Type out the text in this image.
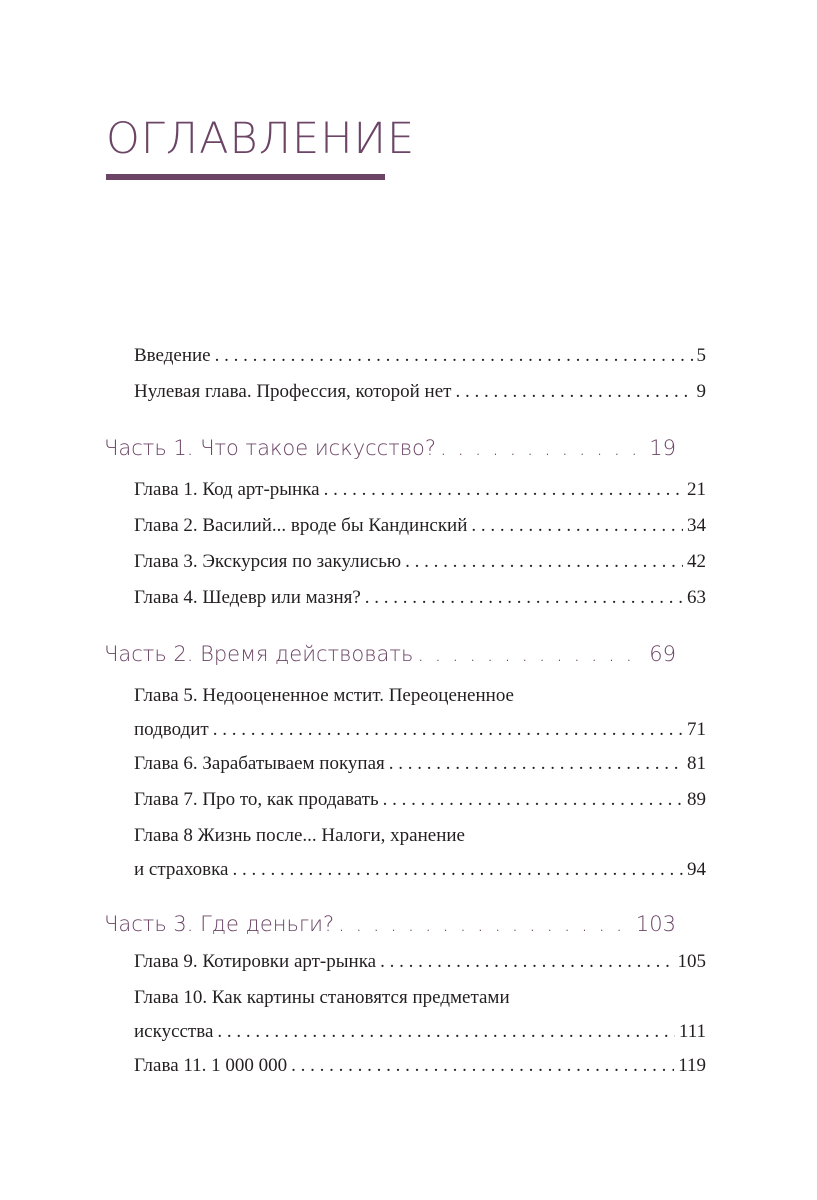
ОГЛАВЛЕНИЕ
Введение . . .	5
Нулевая глава. Профессия, которой нет . . .	9
Часть 1. Что такое искусство? . . .	19
Глава 1. Код арт-рынка . . .	21
Глава 2. Василий... вроде бы Кандинский . . .	34
Глава 3. Экскурсия по закулисью . . .	42
Глава 4. Шедевр или мазня? . . .	63
Часть 2. Время действовать . . .	69
Глава 5. Недооцененное мстит. Переоцененное
подводит . . .	71
Глава 6. Зарабатываем покупая . . .	81
Глава 7. Про то, как продавать . . .	89
Глава 8 Жизнь после... Налоги, хранение
и страховка . . .	94
Часть 3. Где деньги? . . .	103
Глава 9. Котировки арт-рынка . . .	105
Глава 10. Как картины становятся предметами
искусства . . .	111
Глава 11. 1 000 000 . . .	119
